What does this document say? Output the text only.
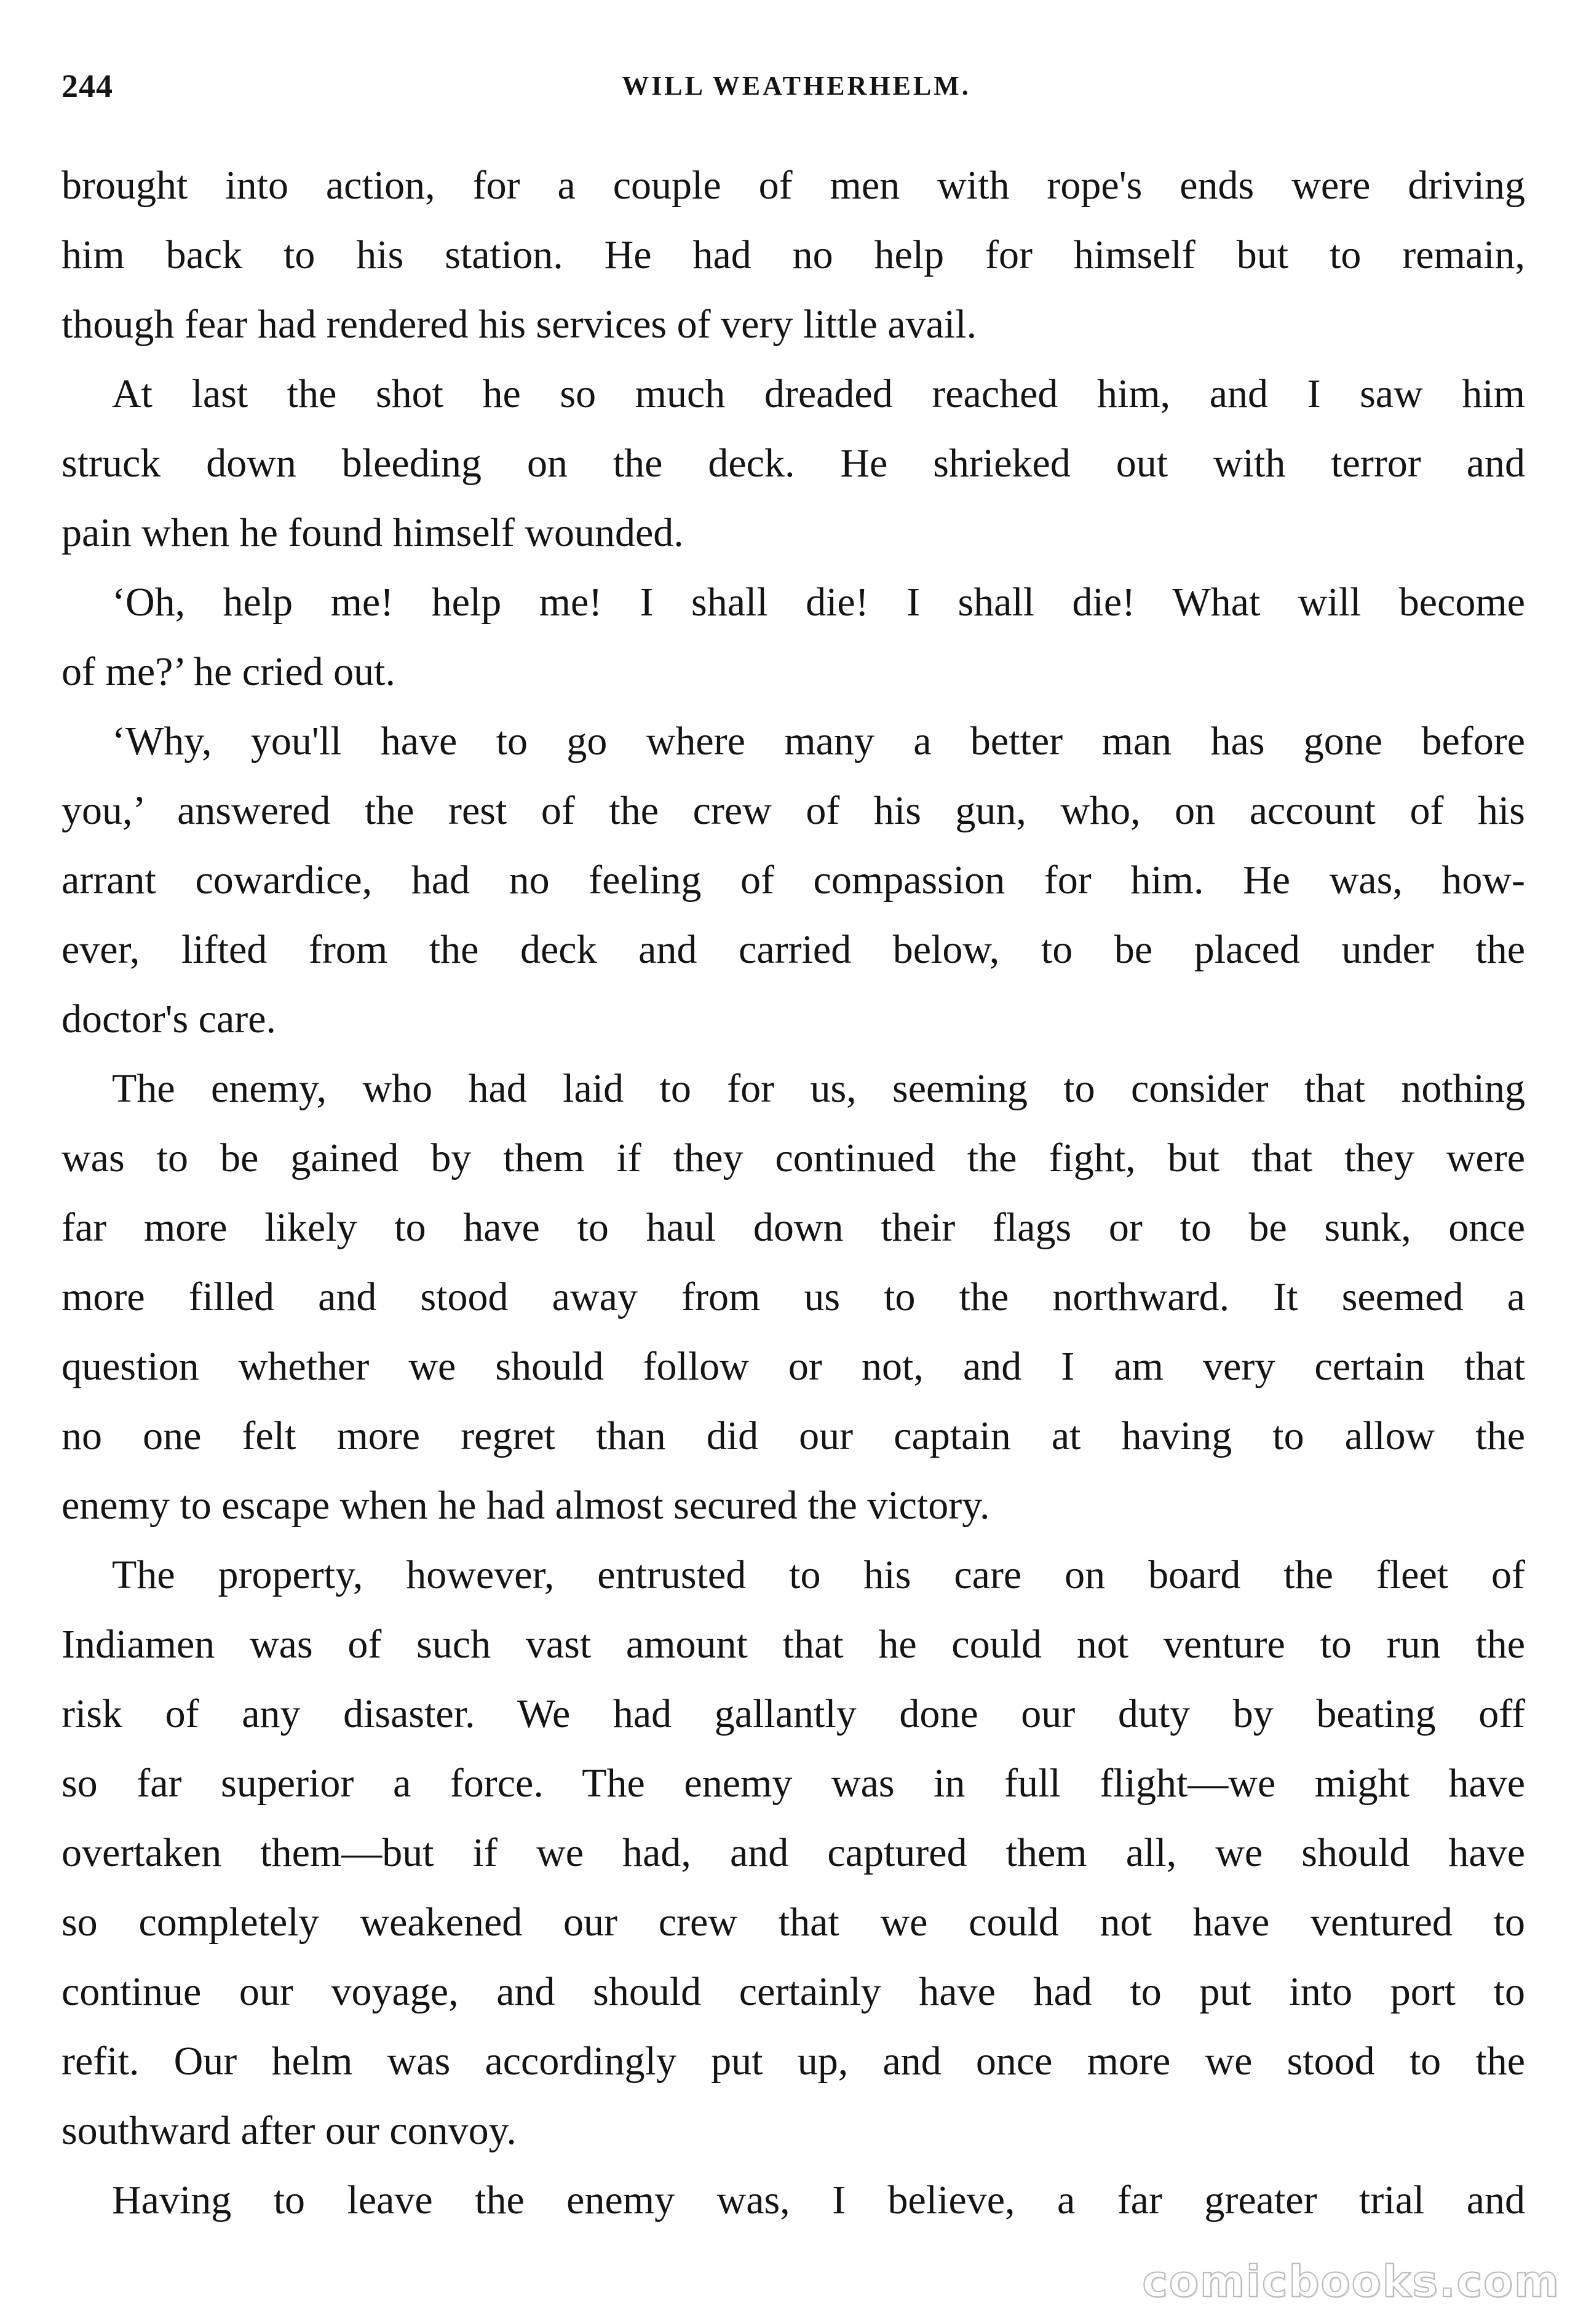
244	WILL WEATHERHELM.

brought into action, for a couple of men with rope's ends were driving
him back to his station. He had no help for himself but to remain,
though fear had rendered his services of very little avail.

At last the shot he so much dreaded reached him, and I saw him
struck down bleeding on the deck. He shrieked out with terror and
pain when he found himself wounded.

‘Oh, help me! help me! I shall die! I shall die! What will become
of me?’ he cried out.

‘Why, you'll have to go where many a better man has gone before
you,’ answered the rest of the crew of his gun, who, on account of his
arrant cowardice, had no feeling of compassion for him. He was, how-
ever, lifted from the deck and carried below, to be placed under the
doctor's care.

The enemy, who had laid to for us, seeming to consider that nothing
was to be gained by them if they continued the fight, but that they were
far more likely to have to haul down their flags or to be sunk, once
more filled and stood away from us to the northward. It seemed a
question whether we should follow or not, and I am very certain that
no one felt more regret than did our captain at having to allow the
enemy to escape when he had almost secured the victory.

The property, however, entrusted to his care on board the fleet of
Indiamen was of such vast amount that he could not venture to run the
risk of any disaster. We had gallantly done our duty by beating off
so far superior a force. The enemy was in full flight—we might have
overtaken them—but if we had, and captured them all, we should have
so completely weakened our crew that we could not have ventured to
continue our voyage, and should certainly have had to put into port to
refit. Our helm was accordingly put up, and once more we stood to the
southward after our convoy.

Having to leave the enemy was, I believe, a far greater trial and

comicbooks.com
